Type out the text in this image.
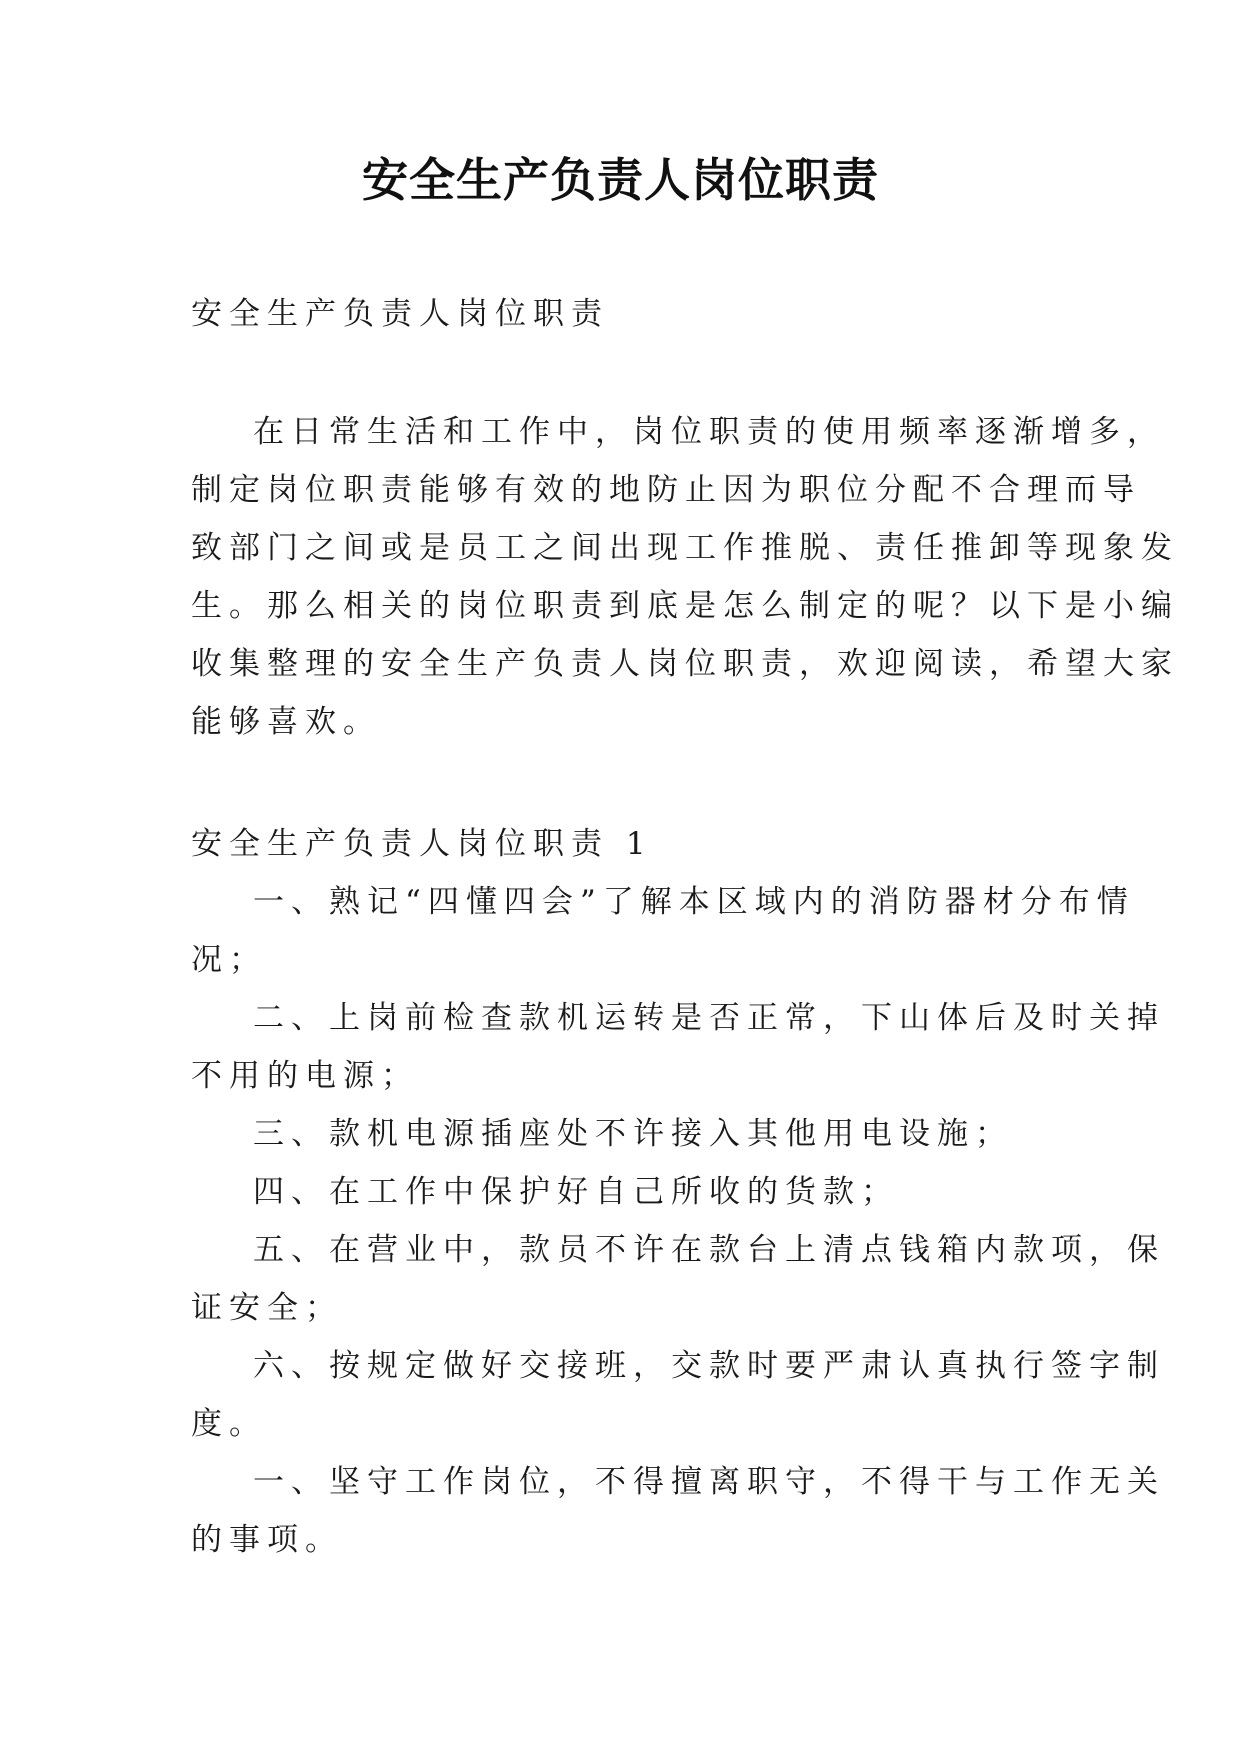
安全生产负责人岗位职责

安全生产负责人岗位职责

在日常生活和工作中，岗位职责的使用频率逐渐增多，

制定岗位职责能够有效的地防止因为职位分配不合理而导

致部门之间或是员工之间出现工作推脱、责任推卸等现象发

生。那么相关的岗位职责到底是怎么制定的呢？以下是小编

收集整理的安全生产负责人岗位职责，欢迎阅读，希望大家

能够喜欢。

安全生产负责人岗位职责 1

一、熟记“四懂四会”了解本区域内的消防器材分布情

况；

二、上岗前检查款机运转是否正常，下山体后及时关掉

不用的电源；

三、款机电源插座处不许接入其他用电设施；

四、在工作中保护好自己所收的货款；

五、在营业中，款员不许在款台上清点钱箱内款项，保

证安全；

六、按规定做好交接班，交款时要严肃认真执行签字制

度。

一、坚守工作岗位，不得擅离职守，不得干与工作无关

的事项。
